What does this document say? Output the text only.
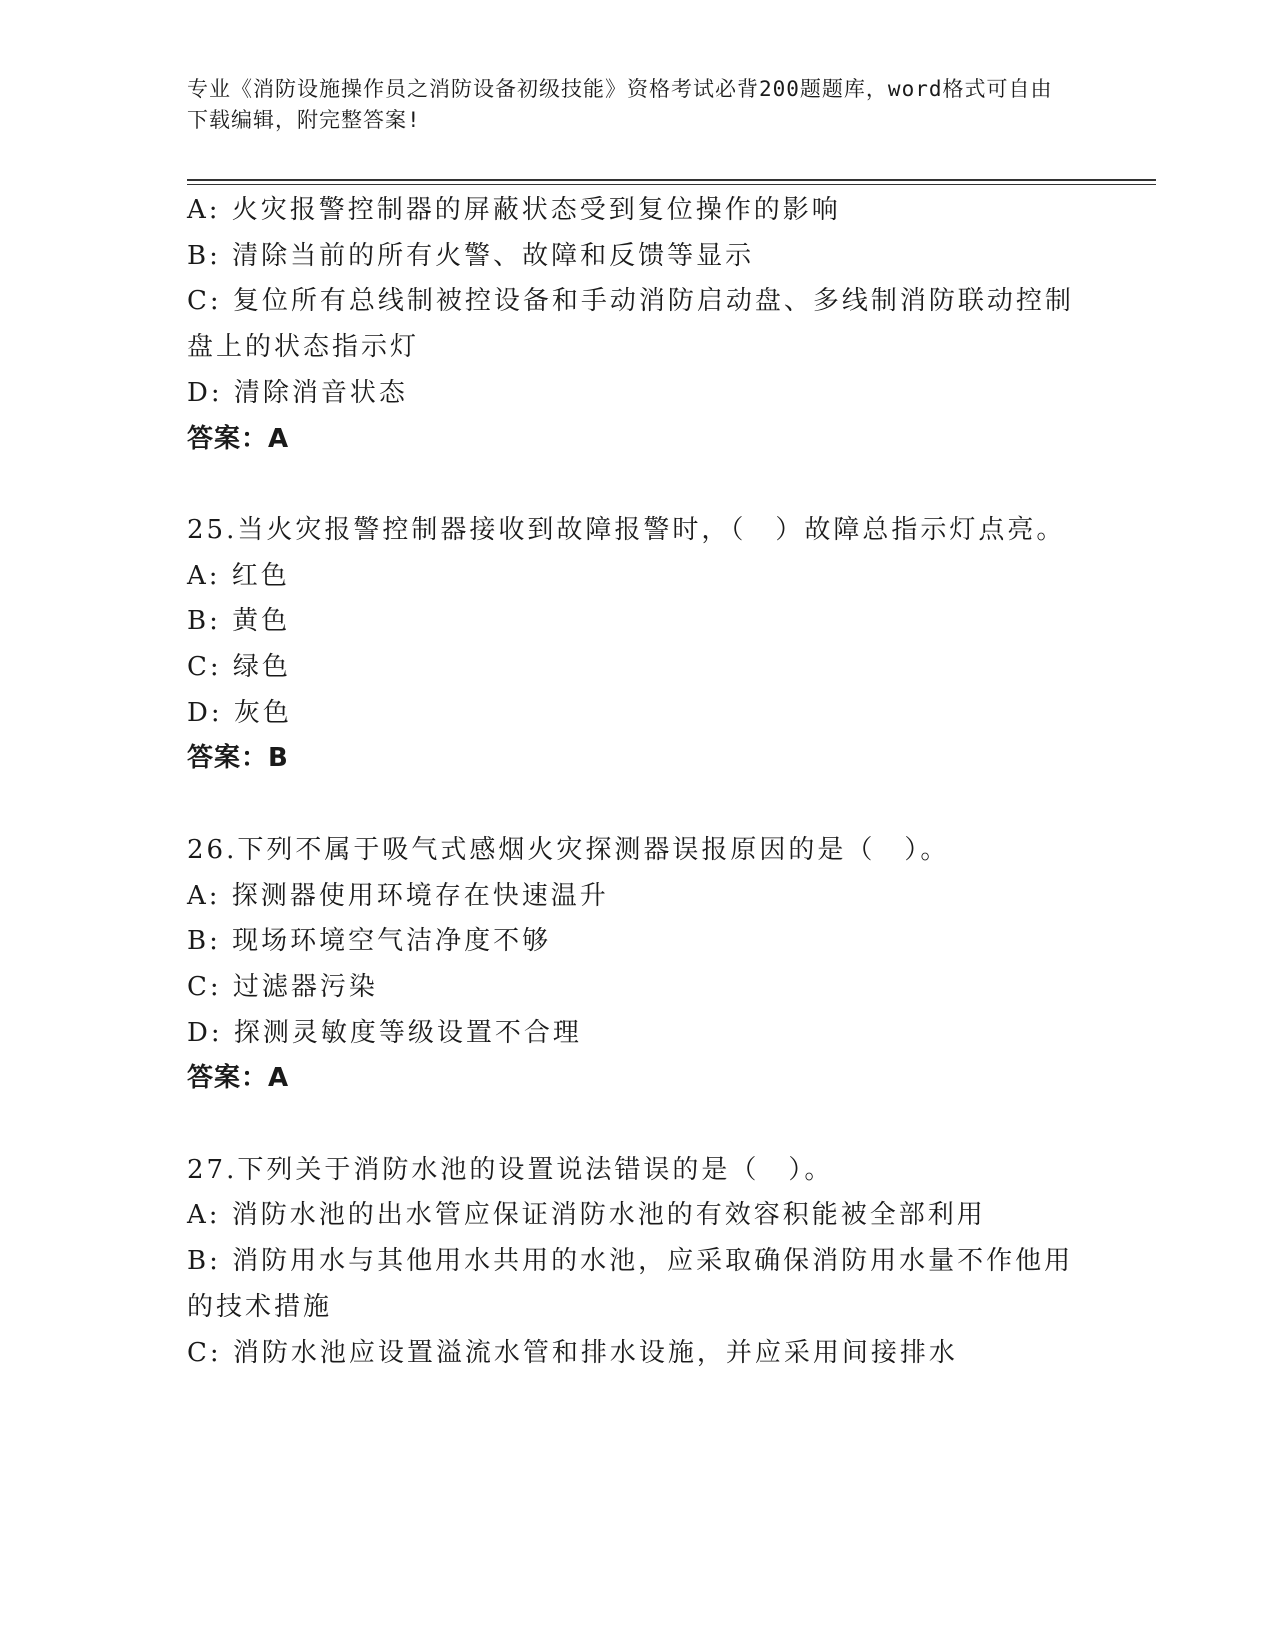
专业《消防设施操作员之消防设备初级技能》资格考试必背200题题库，word格式可自由下载编辑，附完整答案!

A: 火灾报警控制器的屏蔽状态受到复位操作的影响

B: 清除当前的所有火警、故障和反馈等显示

C: 复位所有总线制被控设备和手动消防启动盘、多线制消防联动控制盘上的状态指示灯

D: 清除消音状态

答案：A

25.当火灾报警控制器接收到故障报警时，（　）故障总指示灯点亮。

A: 红色

B: 黄色

C: 绿色

D: 灰色

答案：B

26.下列不属于吸气式感烟火灾探测器误报原因的是（　）。

A: 探测器使用环境存在快速温升

B: 现场环境空气洁净度不够

C: 过滤器污染

D: 探测灵敏度等级设置不合理

答案：A

27.下列关于消防水池的设置说法错误的是（　）。

A: 消防水池的出水管应保证消防水池的有效容积能被全部利用

B: 消防用水与其他用水共用的水池，应采取确保消防用水量不作他用的技术措施

C: 消防水池应设置溢流水管和排水设施，并应采用间接排水
